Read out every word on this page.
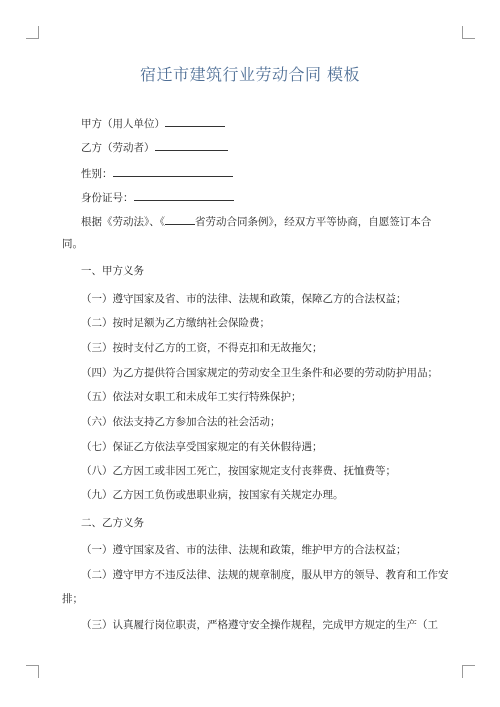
宿迁市建筑行业劳动合同 模板
甲方（用人单位）
乙方（劳动者）
性别：
身份证号：
根据《劳动法》、《	省劳动合同条例》，经双方平等协商，自愿签订本合
同。
一、甲方义务
（一）遵守国家及省、市的法律、法规和政策，保障乙方的合法权益；
（二）按时足额为乙方缴纳社会保险费；
（三）按时支付乙方的工资，不得克扣和无故拖欠；
（四）为乙方提供符合国家规定的劳动安全卫生条件和必要的劳动防护用品；
（五）依法对女职工和未成年工实行特殊保护；
（六）依法支持乙方参加合法的社会活动；
（七）保证乙方依法享受国家规定的有关休假待遇；
（八）乙方因工或非因工死亡，按国家规定支付丧葬费、抚恤费等；
（九）乙方因工负伤或患职业病，按国家有关规定办理。
二、乙方义务
（一）遵守国家及省、市的法律、法规和政策，维护甲方的合法权益；
（二）遵守甲方不违反法律、法规的规章制度，服从甲方的领导、教育和工作安
排；
（三）认真履行岗位职责，严格遵守安全操作规程，完成甲方规定的生产（工
